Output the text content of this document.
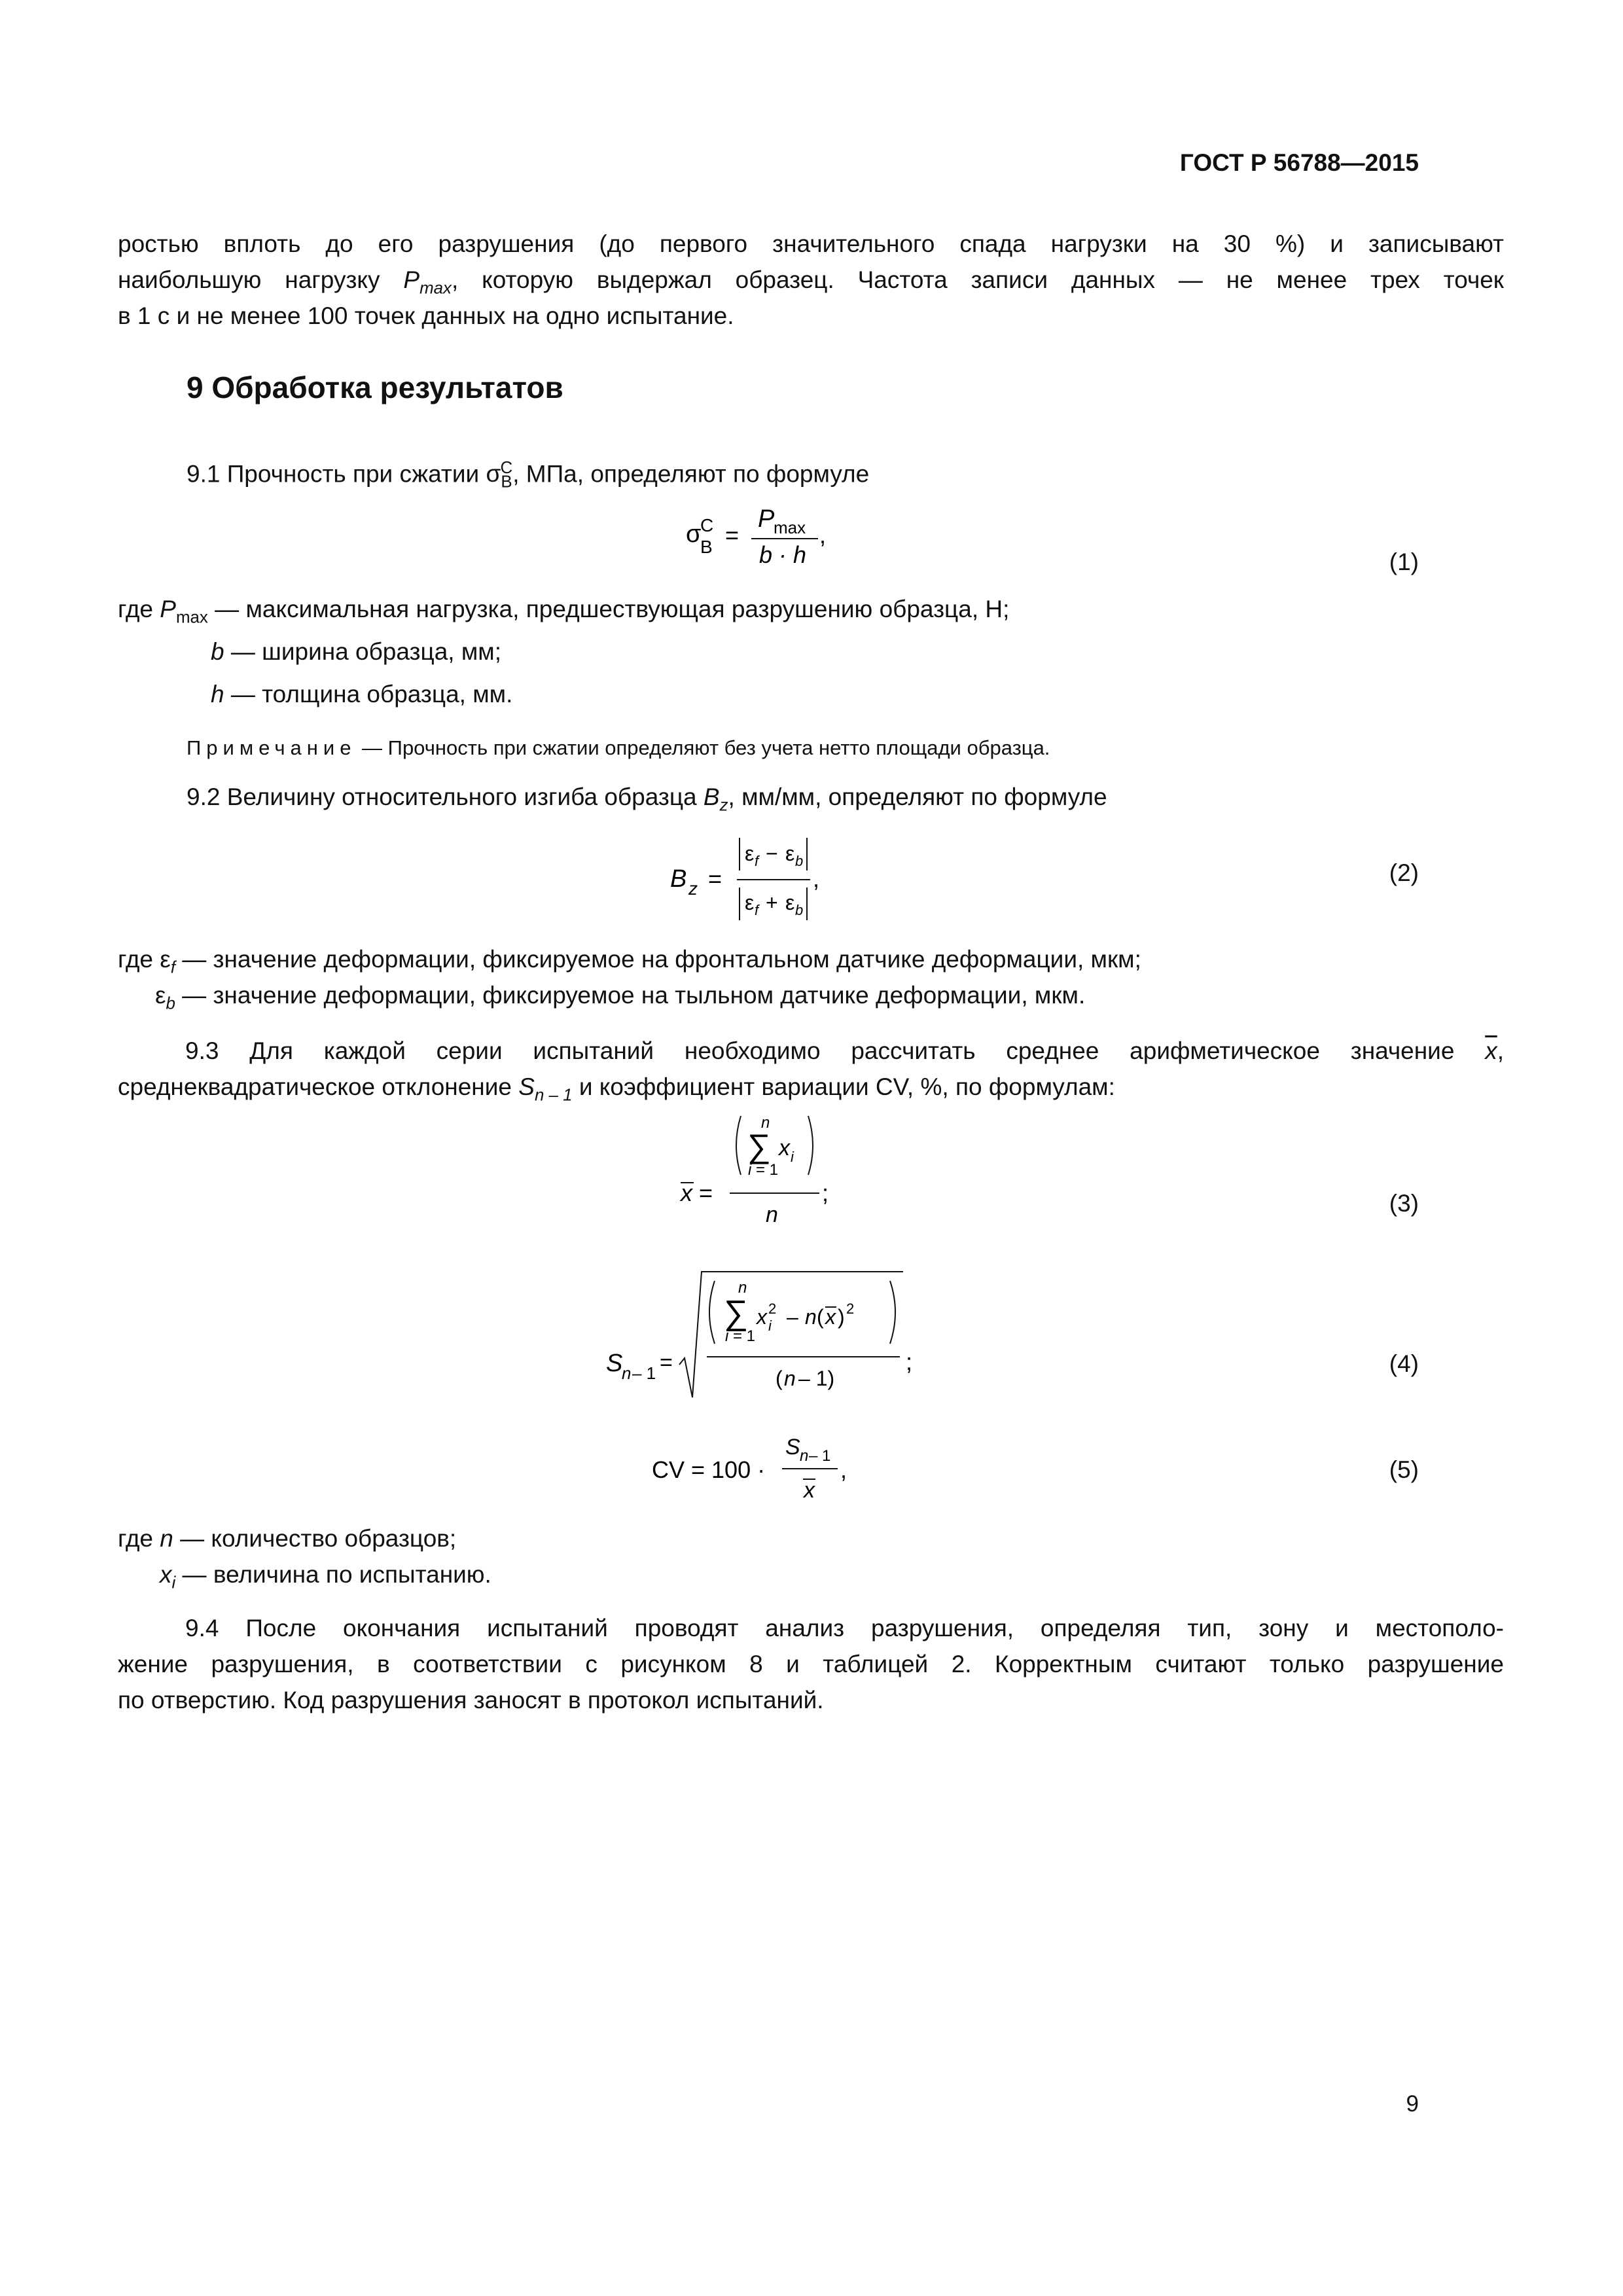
ГОСТ Р 56788—2015
ростью вплоть до его разрушения (до первого значительного спада нагрузки на 30 %) и записывают
наибольшую нагрузку $P_{max}$, которую выдержал образец. Частота записи данных — не менее трех точек
в 1 с и не менее 100 точек данных на одно испытание.
9 Обработка результатов
9.1 Прочность при сжатии $\sigma_В^С$, МПа, определяют по формуле
σ
В
С =
P
max
b · h
,
(1)
где $P_{max}$ — максимальная нагрузка, предшествующая разрушению образца, Н;
b — ширина образца, мм;
h — толщина образца, мм.
Примечание — Прочность при сжатии определяют без учета нетто площади образца.
9.2 Величину относительного изгиба образца $B_z$, мм/мм, определяют по формуле
B z =
ε f − ε b
ε f + ε b
,	(2)
где $\varepsilon_f$ — значение деформации, фиксируемое на фронтальном датчике деформации, мкм;
$\varepsilon_b$ — значение деформации, фиксируемое на тыльном датчике деформации, мкм.
9.3 Для каждой серии испытаний необходимо рассчитать среднее арифметическое значение $\overline{x}$,
среднеквадратическое отклонение $S_{n - 1}$ и коэффициент вариации CV, %, по формулам:
x =
n
∑
i = 1
x i
n
;	(3)
S
n – 1 =
n
∑
i = 1
x 2
i – n ( x ) 2
( n – 1)
;	(4)
CV = 100 ·
S n – 1
x
,	(5)
где n — количество образцов;
$x_i$ — величина по испытанию.
9.4 После окончания испытаний проводят анализ разрушения, определяя тип, зону и местополо-
жение разрушения, в соответствии с рисунком 8 и таблицей 2. Корректным считают только разрушение
по отверстию. Код разрушения заносят в протокол испытаний.
9
